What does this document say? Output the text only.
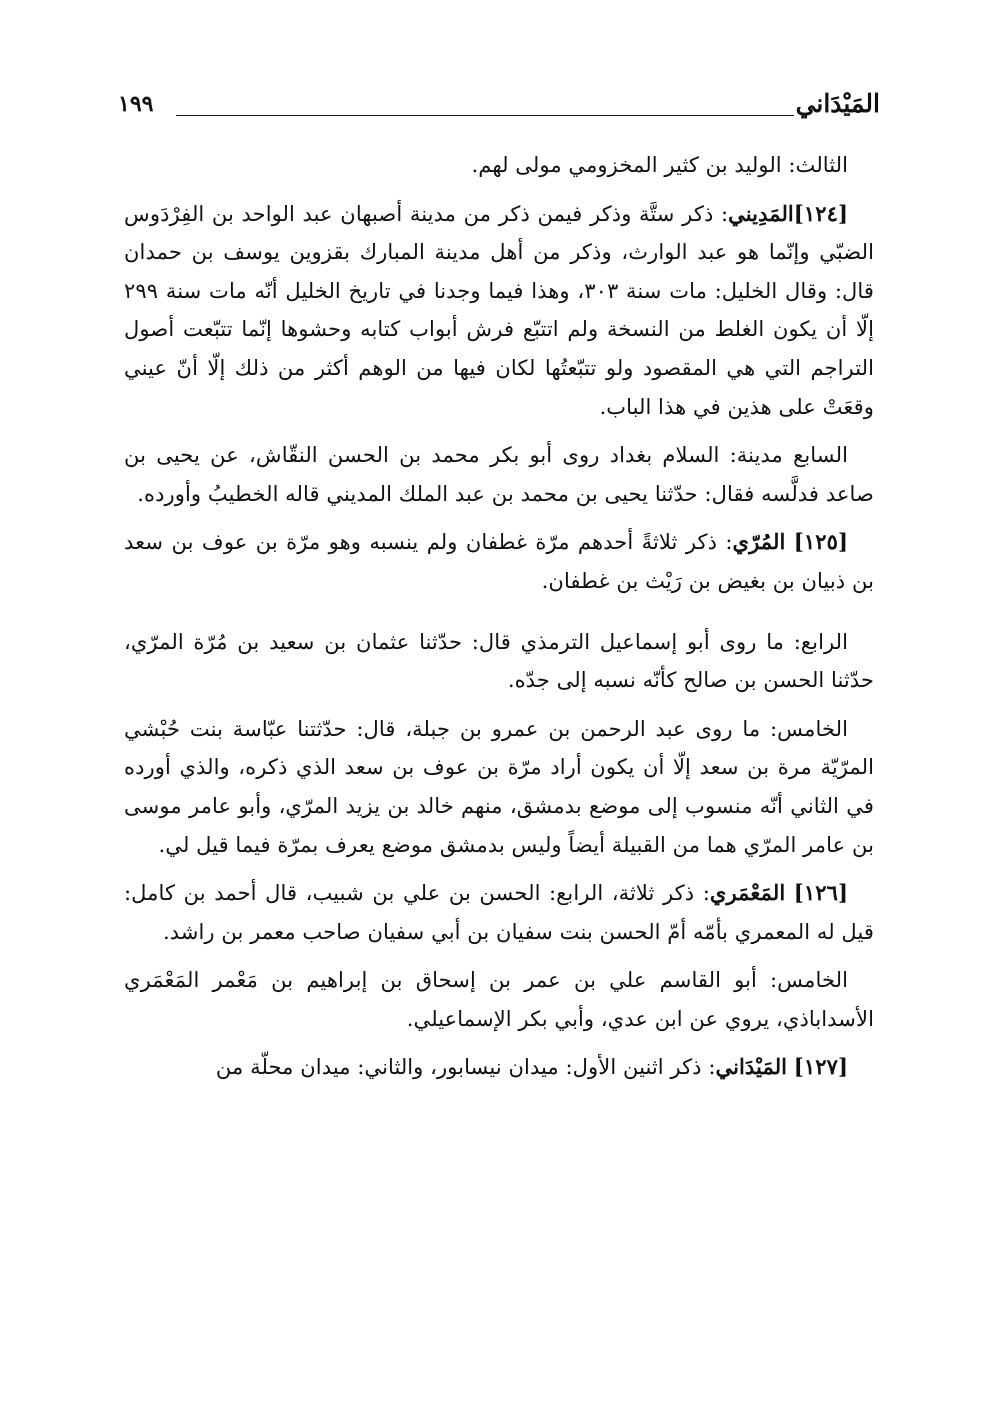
المَيْدَاني
١٩٩

الثالث: الوليد بن كثير المخزومي مولى لهم.

[١٢٤]المَدِيني: ذكر ستَّة وذكر فيمن ذكر من مدينة أصبهان عبد الواحد بن الفِرْدَوس الضبّي وإنّما هو عبد الوارث، وذكر من أهل مدينة المبارك بقزوين يوسف بن حمدان قال: وقال الخليل: مات سنة ٣٠٣، وهذا فيما وجدنا في تاريخ الخليل أنّه مات سنة ٢٩٩ إلّا أن يكون الغلط من النسخة ولم اتتبّع فرش أبواب كتابه وحشوها إنّما تتبّعت أصول التراجم التي هي المقصود ولو تتبّعتُها لكان فيها من الوهم أكثر من ذلك إلّا أنّ عيني وقعَتْ على هذين في هذا الباب.

السابع مدينة: السلام بغداد روى أبو بكر محمد بن الحسن النقّاش، عن يحيى بن صاعد فدلَّسه فقال: حدّثنا يحيى بن محمد بن عبد الملك المديني قاله الخطيبُ وأورده.

[١٢٥] المُرّي: ذكر ثلاثةً أحدهم مرّة غطفان ولم ينسبه وهو مرّة بن عوف بن سعد بن ذبيان بن بغيض بن رَيْث بن غطفان.

الرابع: ما روى أبو إسماعيل الترمذي قال: حدّثنا عثمان بن سعيد بن مُرّة المرّي، حدّثنا الحسن بن صالح كأنّه نسبه إلى جدّه.

الخامس: ما روى عبد الرحمن بن عمرو بن جبلة، قال: حدّثتنا عبّاسة بنت حُبْشي المرّيّة مرة بن سعد إلّا أن يكون أراد مرّة بن عوف بن سعد الذي ذكره، والذي أورده في الثاني أنّه منسوب إلى موضع بدمشق، منهم خالد بن يزيد المرّي، وأبو عامر موسى بن عامر المرّي هما من القبيلة أيضاً وليس بدمشق موضع يعرف بمرّة فيما قيل لي.

[١٢٦] المَعْمَري: ذكر ثلاثة، الرابع: الحسن بن علي بن شبيب، قال أحمد بن كامل: قيل له المعمري بأمّه أمّ الحسن بنت سفيان بن أبي سفيان صاحب معمر بن راشد.

الخامس: أبو القاسم علي بن عمر بن إسحاق بن إبراهيم بن مَعْمر المَعْمَري الأسداباذي، يروي عن ابن عدي، وأبي بكر الإسماعيلي.

[١٢٧] المَيْدَاني: ذكر اثنين الأول: ميدان نيسابور، والثاني: ميدان محلّة من
